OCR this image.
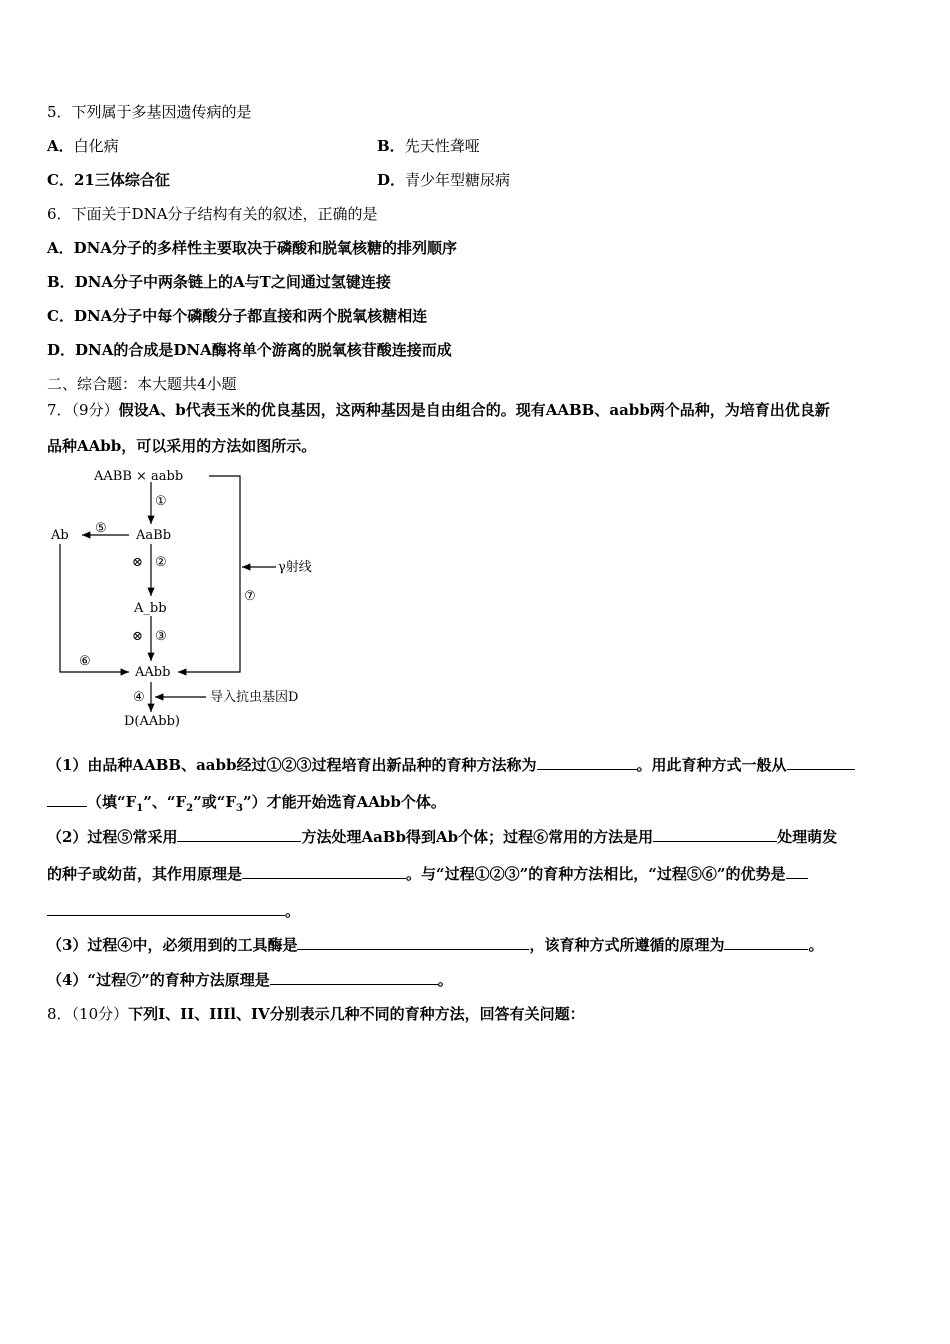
5．下列属于多基因遗传病的是
A．白化病	B．先天性聋哑
C．21三体综合征	D．青少年型糖尿病
6．下面关于DNA分子结构有关的叙述，正确的是
A．DNA分子的多样性主要取决于磷酸和脱氧核糖的排列顺序
B．DNA分子中两条链上的A与T之间通过氢键连接
C．DNA分子中每个磷酸分子都直接和两个脱氧核糖相连
D．DNA的合成是DNA酶将单个游离的脱氧核苷酸连接而成
二、综合题：本大题共4小题
7．（9分）假设A、b代表玉米的优良基因，这两种基因是自由组合的。现有AABB、aabb两个品种，为培育出优良新
品种AAbb，可以采用的方法如图所示。
AABB × aabb
AaBb
Ab
A_bb
AAbb
D(AAbb)
γ射线
导入抗虫基因D
①
②
③
④
⑤
⑥
⑦
⊗
⊗
（1）由品种AABB、aabb经过①②③过程培育出新品种的育种方法称为	。用此育种方式一般从
（填“$F_1$”、“$F_2$”或“$F_3$”）才能开始选育AAbb个体。
（2）过程⑤常采用	方法处理AaBb得到Ab个体；过程⑥常用的方法是用	处理萌发
的种子或幼苗，其作用原理是	。与“过程①②③”的育种方法相比，“过程⑤⑥”的优势是
。
（3）过程④中，必须用到的工具酶是	，该育种方式所遵循的原理为	。
（4）“过程⑦”的育种方法原理是	。
8．（10分）下列I、II、IIIl、IV分别表示几种不同的育种方法，回答有关问题：
